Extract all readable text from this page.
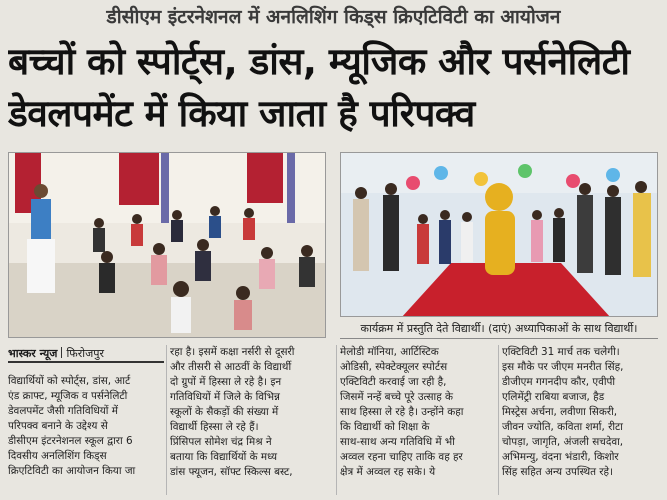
डीसीएम इंटरनेशनल में अनलिशिंग किड्स क्रिएटिविटी का आयोजन
बच्चों को स्पोर्ट्स, डांस, म्यूजिक और पर्सनेलिटी
डेवलपमेंट में किया जाता है परिपक्व
कार्यक्रम में प्रस्तुति देते विद्यार्थी। (दाएं) अध्यापिकाओं के साथ विद्यार्थी।
भास्कर न्यूज फिरोजपुर

विद्यार्थियों को स्पोर्ट्स, डांस, आर्ट

एंड क्राफ्ट, म्यूजिक व पर्सनेलिटी

डेवलपमेंट जैसी गतिविधियों में

परिपक्व बनाने के उद्देश्य से

डीसीएम इंटरनेशनल स्कूल द्वारा 6

दिवसीय अनलिशिंग किड्स

क्रिएटिविटी का आयोजन किया जा

रहा है। इसमें कक्षा नर्सरी से दूसरी

और तीसरी से आठवीं के विद्यार्थी

दो ग्रुपों में हिस्सा ले रहे है। इन

गतिविधियों में जिले के विभिन्न

स्कूलों के सैकड़ों की संख्या में

विद्यार्थी हिस्सा ले रहे हैं।

प्रिंसिपल सोमेश चंद्र मिश्र ने

बताया कि विद्यार्थियों के मध्य

डांस फ्यूजन, सॉफ्ट स्किल्स बस्ट,

मेलोडी मॉनिया, आर्टिस्टिक

ओडिसी, स्पेक्टेक्यूलर स्पोर्टस

एक्टिविटी करवाई जा रही है,

जिसमें नन्हें बच्चे पूरे उत्साह के

साथ हिस्सा ले रहे है। उन्होंने कहा

कि विद्यार्थी को शिक्षा के

साथ-साथ अन्य गतिविधि में भी

अव्वल रहना चाहिए ताकि वह हर

क्षेत्र में अव्वल रह सके। ये

एक्टिविटी 31 मार्च तक चलेगी।

इस मौके पर जीएम मनरीत सिंह,

डीजीएम गगनदीप कौर, एवीपी

एलिमेंट्री राबिया बजाज, हैड

मिस्ट्रेस अर्चना, लवीणा सिकरी,

जीवन ज्योति, कविता शर्मा, रीटा

चोपड़ा, जागृति, अंजली सचदेवा,

अभिमन्यु, वंदना भंडारी, किशोर

सिंह सहित अन्य उपस्थित रहे।
